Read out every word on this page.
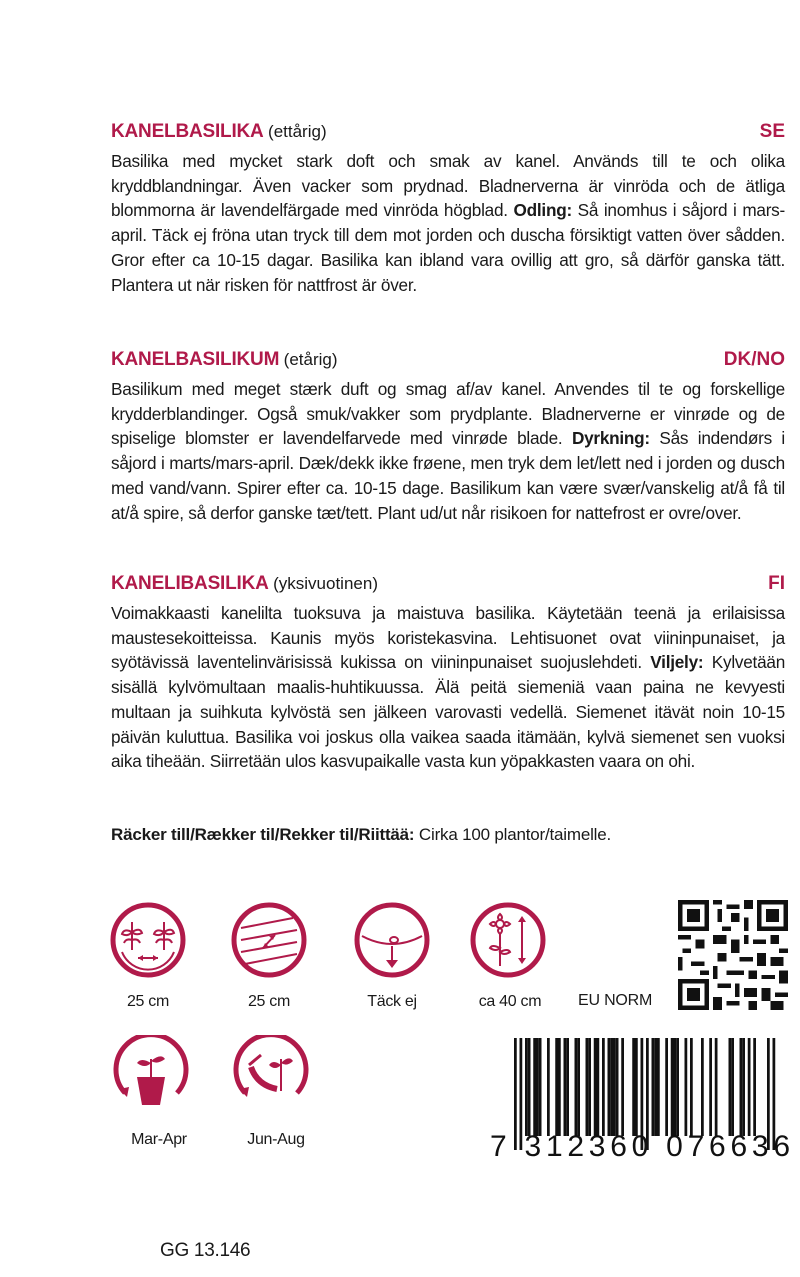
KANELBASILIKA (ettårig)	SE
Basilika med mycket stark doft och smak av kanel. Används till te och olika kryddblandningar. Även vacker som prydnad. Bladnerverna är vinröda och de ätliga blommorna är lavendelfärgade med vinröda högblad. Odling: Så inomhus i såjord i mars-april. Täck ej fröna utan tryck till dem mot jorden och duscha försiktigt vatten över sådden. Gror efter ca 10-15 dagar. Basilika kan ibland vara ovillig att gro, så därför ganska tätt. Plantera ut när risken för nattfrost är över.
KANELBASILIKUM (etårig)	DK/NO
Basilikum med meget stærk duft og smag af/av kanel. Anvendes til te og forskellige krydderblandinger. Også smuk/vakker som prydplante. Bladnerverne er vinrøde og de spiselige blomster er lavendelfarvede med vinrøde blade. Dyrkning: Sås indendørs i såjord i marts/mars-april. Dæk/dekk ikke frøene, men tryk dem let/lett ned i jorden og dusch med vand/vann. Spirer efter ca. 10-15 dage. Basilikum kan være svær/vanskelig at/å få til at/å spire, så derfor ganske tæt/tett. Plant ud/ut når risikoen for nattefrost er ovre/over.
KANELIBASILIKA (yksivuotinen)	FI
Voimakkaasti kanelilta tuoksuva ja maistuva basilika. Käytetään teenä ja erilaisissa maustesekoitteissa. Kaunis myös koristekasvina. Lehtisuonet ovat viininpunaiset, ja syötävissä laventelinvärisissä kukissa on viininpunaiset suojuslehdeti. Viljely: Kylvetään sisällä kylvömultaan maalis-huhtikuussa. Älä peitä siemeniä vaan paina ne kevyesti multaan ja suihkuta kylvöstä sen jälkeen varovasti vedellä. Siemenet itävät noin 10-15 päivän kuluttua. Basilika voi joskus olla vaikea saada itämään, kylvä siemenet sen vuoksi aika tiheään. Siirretään ulos kasvupaikalle vasta kun yöpakkasten vaara on ohi.
Räcker till/Rækker til/Rekker til/Riittää: Cirka 100 plantor/taimelle.
25 cm	25 cm	Täck ej	ca 40 cm	EU NORM
Mar-Apr	Jun-Aug	7 312360 076636
GG 13.146
